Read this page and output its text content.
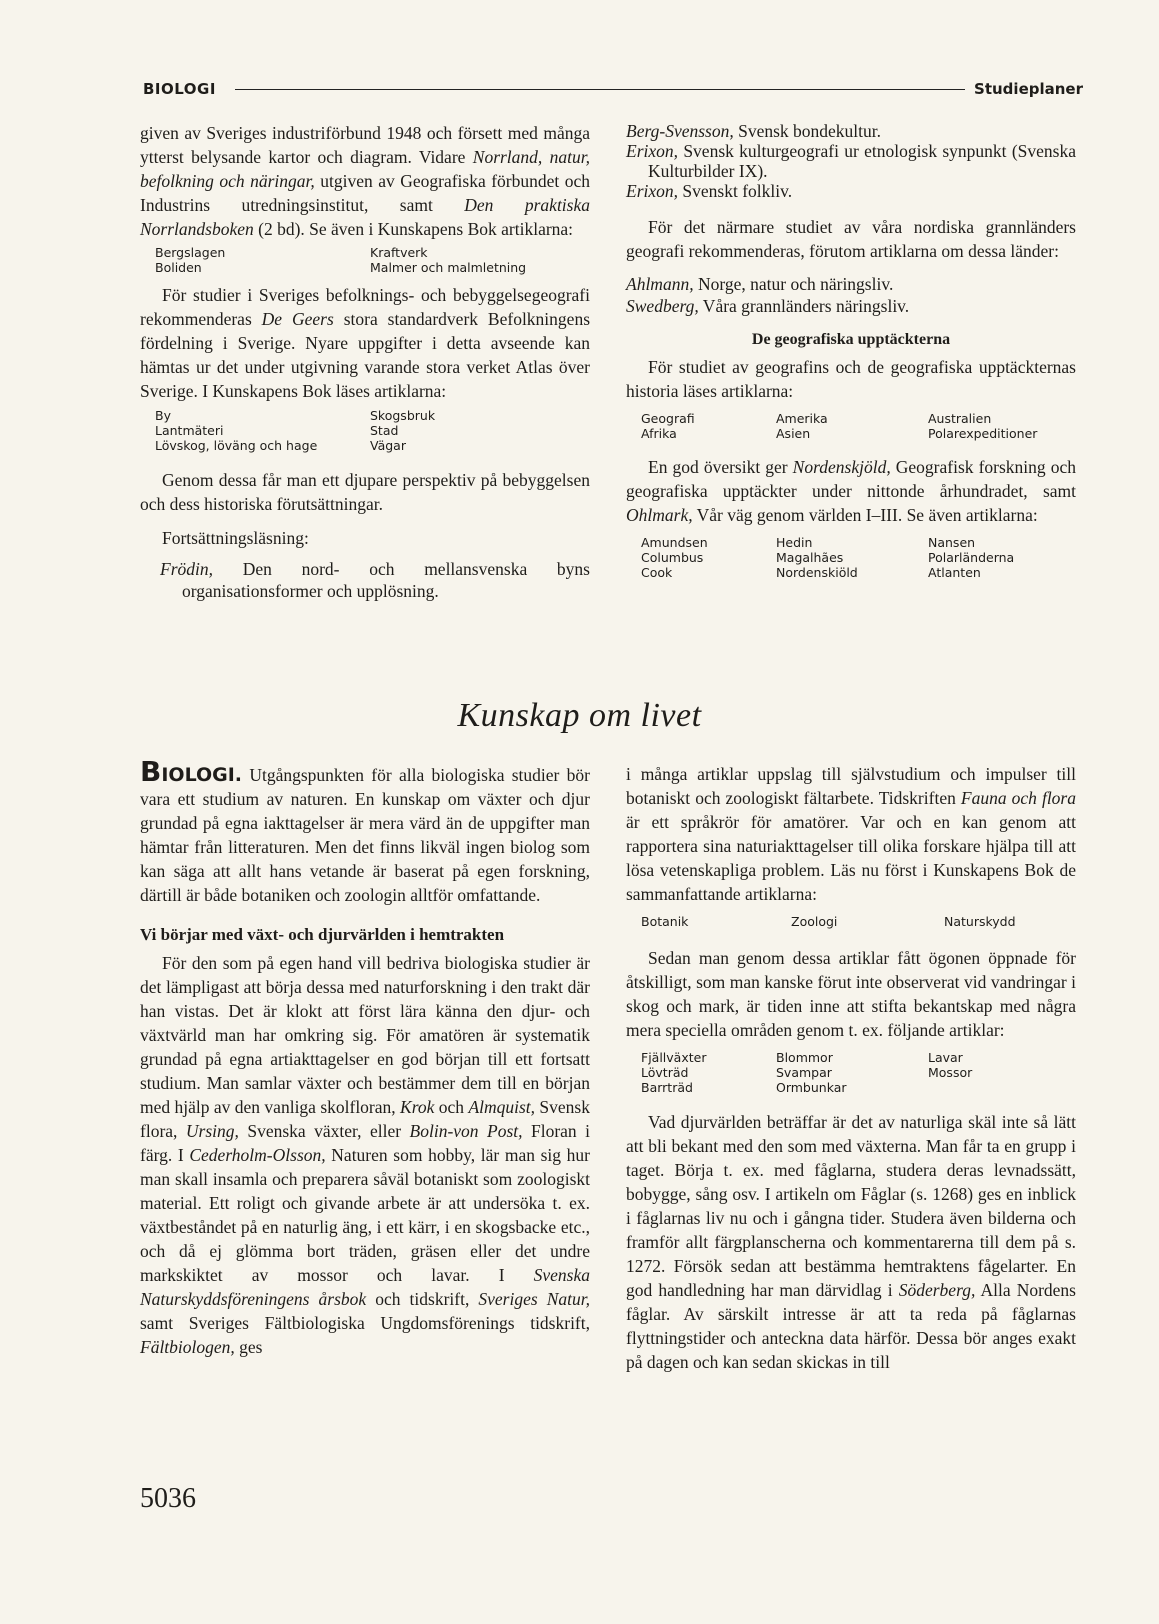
BIOLOGI	Studieplaner

given av Sveriges industriförbund 1948 och försett med många ytterst belysande kartor och diagram. Vidare Norrland, natur, befolkning och näringar, utgiven av Geografiska förbundet och Industrins utredningsinstitut, samt Den praktiska Norrlandsboken (2 bd). Se även i Kunskapens Bok artiklarna:

Bergslagen	Kraftverk
Boliden	Malmer och malmletning

För studier i Sveriges befolknings- och bebyggelsegeografi rekommenderas De Geers stora standardverk Befolkningens fördelning i Sverige. Nyare uppgifter i detta avseende kan hämtas ur det under utgivning varande stora verket Atlas över Sverige. I Kunskapens Bok läses artiklarna:

By	Skogsbruk
Lantmäteri	Stad
Lövskog, löväng och hage	Vägar

Genom dessa får man ett djupare perspektiv på bebyggelsen och dess historiska förutsättningar.

Fortsättningsläsning:

Frödin, Den nord- och mellansvenska byns organisationsformer och upplösning.

Berg-Svensson, Svensk bondekultur.

Erixon, Svensk kulturgeografi ur etnologisk synpunkt (Svenska Kulturbilder IX).

Erixon, Svenskt folkliv.

För det närmare studiet av våra nordiska grannländers geografi rekommenderas, förutom artiklarna om dessa länder:

Ahlmann, Norge, natur och näringsliv.

Swedberg, Våra grannländers näringsliv.

De geografiska upptäckterna

För studiet av geografins och de geografiska upptäckternas historia läses artiklarna:

Geografi	Amerika	Australien
Afrika	Asien	Polarexpeditioner

En god översikt ger Nordenskjöld, Geografisk forskning och geografiska upptäckter under nittonde århundradet, samt Ohlmark, Vår väg genom världen I–III. Se även artiklarna:

Amundsen	Hedin	Nansen
Columbus	Magalhães	Polarländerna
Cook	Nordenskiöld	Atlanten
Kunskap om livet

BIOLOGI. Utgångspunkten för alla biologiska studier bör vara ett studium av naturen. En kunskap om växter och djur grundad på egna iakttagelser är mera värd än de uppgifter man hämtar från litteraturen. Men det finns likväl ingen biolog som kan säga att allt hans vetande är baserat på egen forskning, därtill är både botaniken och zoologin alltför omfattande.

Vi börjar med växt- och djurvärlden i hemtrakten

För den som på egen hand vill bedriva biologiska studier är det lämpligast att börja dessa med naturforskning i den trakt där han vistas. Det är klokt att först lära känna den djur- och växtvärld man har omkring sig. För amatören är systematik grundad på egna artiakttagelser en god början till ett fortsatt studium. Man samlar växter och bestämmer dem till en början med hjälp av den vanliga skolfloran, Krok och Almquist, Svensk flora, Ursing, Svenska växter, eller Bolin-von Post, Floran i färg. I Cederholm-Olsson, Naturen som hobby, lär man sig hur man skall insamla och preparera såväl botaniskt som zoologiskt material. Ett roligt och givande arbete är att undersöka t. ex. växtbeståndet på en naturlig äng, i ett kärr, i en skogsbacke etc., och då ej glömma bort träden, gräsen eller det undre markskiktet av mossor och lavar. I Svenska Naturskyddsföreningens årsbok och tidskrift, Sveriges Natur, samt Sveriges Fältbiologiska Ungdomsförenings tidskrift, Fältbiologen, ges

i många artiklar uppslag till självstudium och impulser till botaniskt och zoologiskt fältarbete. Tidskriften Fauna och flora är ett språkrör för amatörer. Var och en kan genom att rapportera sina naturiakttagelser till olika forskare hjälpa till att lösa vetenskapliga problem. Läs nu först i Kunskapens Bok de sammanfattande artiklarna:

Botanik	Zoologi	Naturskydd

Sedan man genom dessa artiklar fått ögonen öppnade för åtskilligt, som man kanske förut inte observerat vid vandringar i skog och mark, är tiden inne att stifta bekantskap med några mera speciella områden genom t. ex. följande artiklar:

Fjällväxter	Blommor	Lavar
Lövträd	Svampar	Mossor
Barrträd	Ormbunkar

Vad djurvärlden beträffar är det av naturliga skäl inte så lätt att bli bekant med den som med växterna. Man får ta en grupp i taget. Börja t. ex. med fåglarna, studera deras levnadssätt, bobygge, sång osv. I artikeln om Fåglar (s. 1268) ges en inblick i fåglarnas liv nu och i gångna tider. Studera även bilderna och framför allt färgplanscherna och kommentarerna till dem på s. 1272. Försök sedan att bestämma hemtraktens fågelarter. En god handledning har man därvidlag i Söderberg, Alla Nordens fåglar. Av särskilt intresse är att ta reda på fåglarnas flyttningstider och anteckna data härför. Dessa bör anges exakt på dagen och kan sedan skickas in till

5036
